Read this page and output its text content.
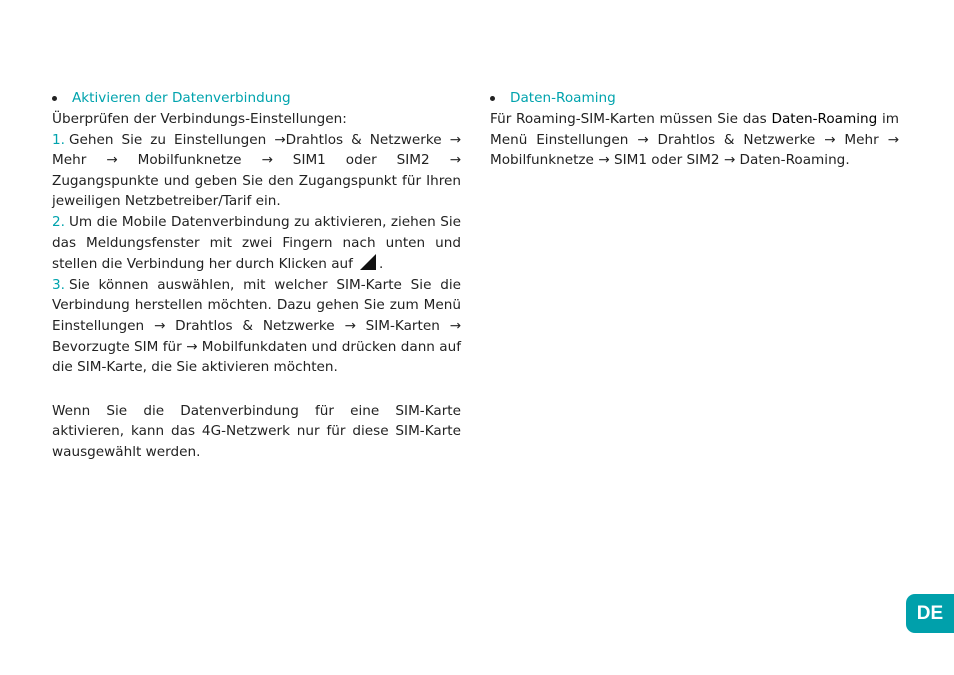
Aktivieren der Datenverbindung

Überprüfen der Verbindungs-Einstellungen:

1. Gehen Sie zu Einstellungen →Drahtlos & Netzwerke → Mehr → Mobilfunknetze → SIM1 oder SIM2 → Zugangspunkte und geben Sie den Zugangspunkt für Ihren jeweiligen Netzbetreiber/Tarif ein.

2. Um die Mobile Datenverbindung zu aktivieren, ziehen Sie das Meldungsfenster mit zwei Fingern nach unten und stellen die Verbindung her durch Klicken auf .

3. Sie können auswählen, mit welcher SIM-Karte Sie die Verbindung herstellen möchten. Dazu gehen Sie zum Menü Einstellungen → Drahtlos & Netzwerke → SIM-Karten → Bevorzugte SIM für → Mobilfunkdaten und drücken dann auf die SIM-Karte, die Sie aktivieren möchten.

Wenn Sie die Datenverbindung für eine SIM-Karte aktivieren, kann das 4G-Netzwerk nur für diese SIM-Karte wausgewählt werden.

Daten-Roaming

Für Roaming-SIM-Karten müssen Sie das Daten-Roaming im Menü Einstellungen → Drahtlos & Netzwerke → Mehr → Mobilfunknetze → SIM1 oder SIM2 → Daten-Roaming.

DE
